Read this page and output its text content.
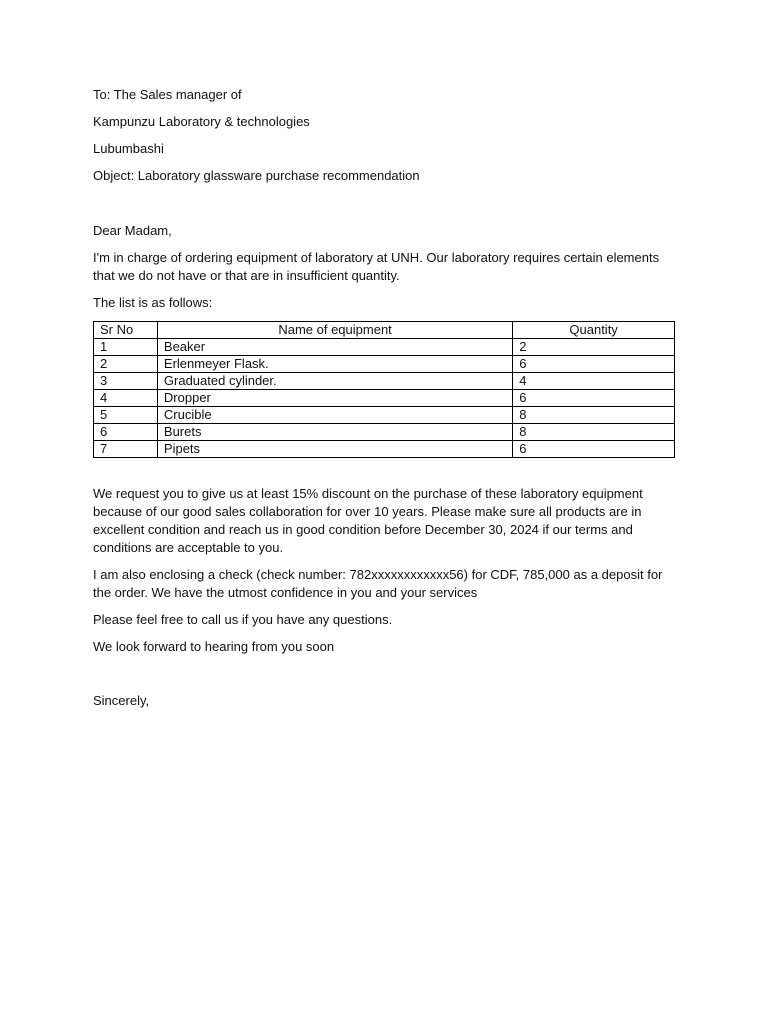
To: The Sales manager of

Kampunzu Laboratory & technologies

Lubumbashi

Object: Laboratory glassware purchase recommendation

Dear Madam,

I'm in charge of ordering equipment of laboratory at UNH. Our laboratory requires certain elements that we do not have or that are in insufficient quantity.

The list is as follows:

Sr No	Name of equipment	Quantity
1	Beaker	2
2	Erlenmeyer Flask.	6
3	Graduated cylinder.	4
4	Dropper	6
5	Crucible	8
6	Burets	8
7	Pipets	6

We request you to give us at least 15% discount on the purchase of these laboratory equipment because of our good sales collaboration for over 10 years. Please make sure all products are in excellent condition and reach us in good condition before December 30, 2024 if our terms and conditions are acceptable to you.

I am also enclosing a check (check number: 782xxxxxxxxxxxx56) for CDF, 785,000 as a deposit for the order. We have the utmost confidence in you and your services

Please feel free to call us if you have any questions.

We look forward to hearing from you soon

Sincerely,
